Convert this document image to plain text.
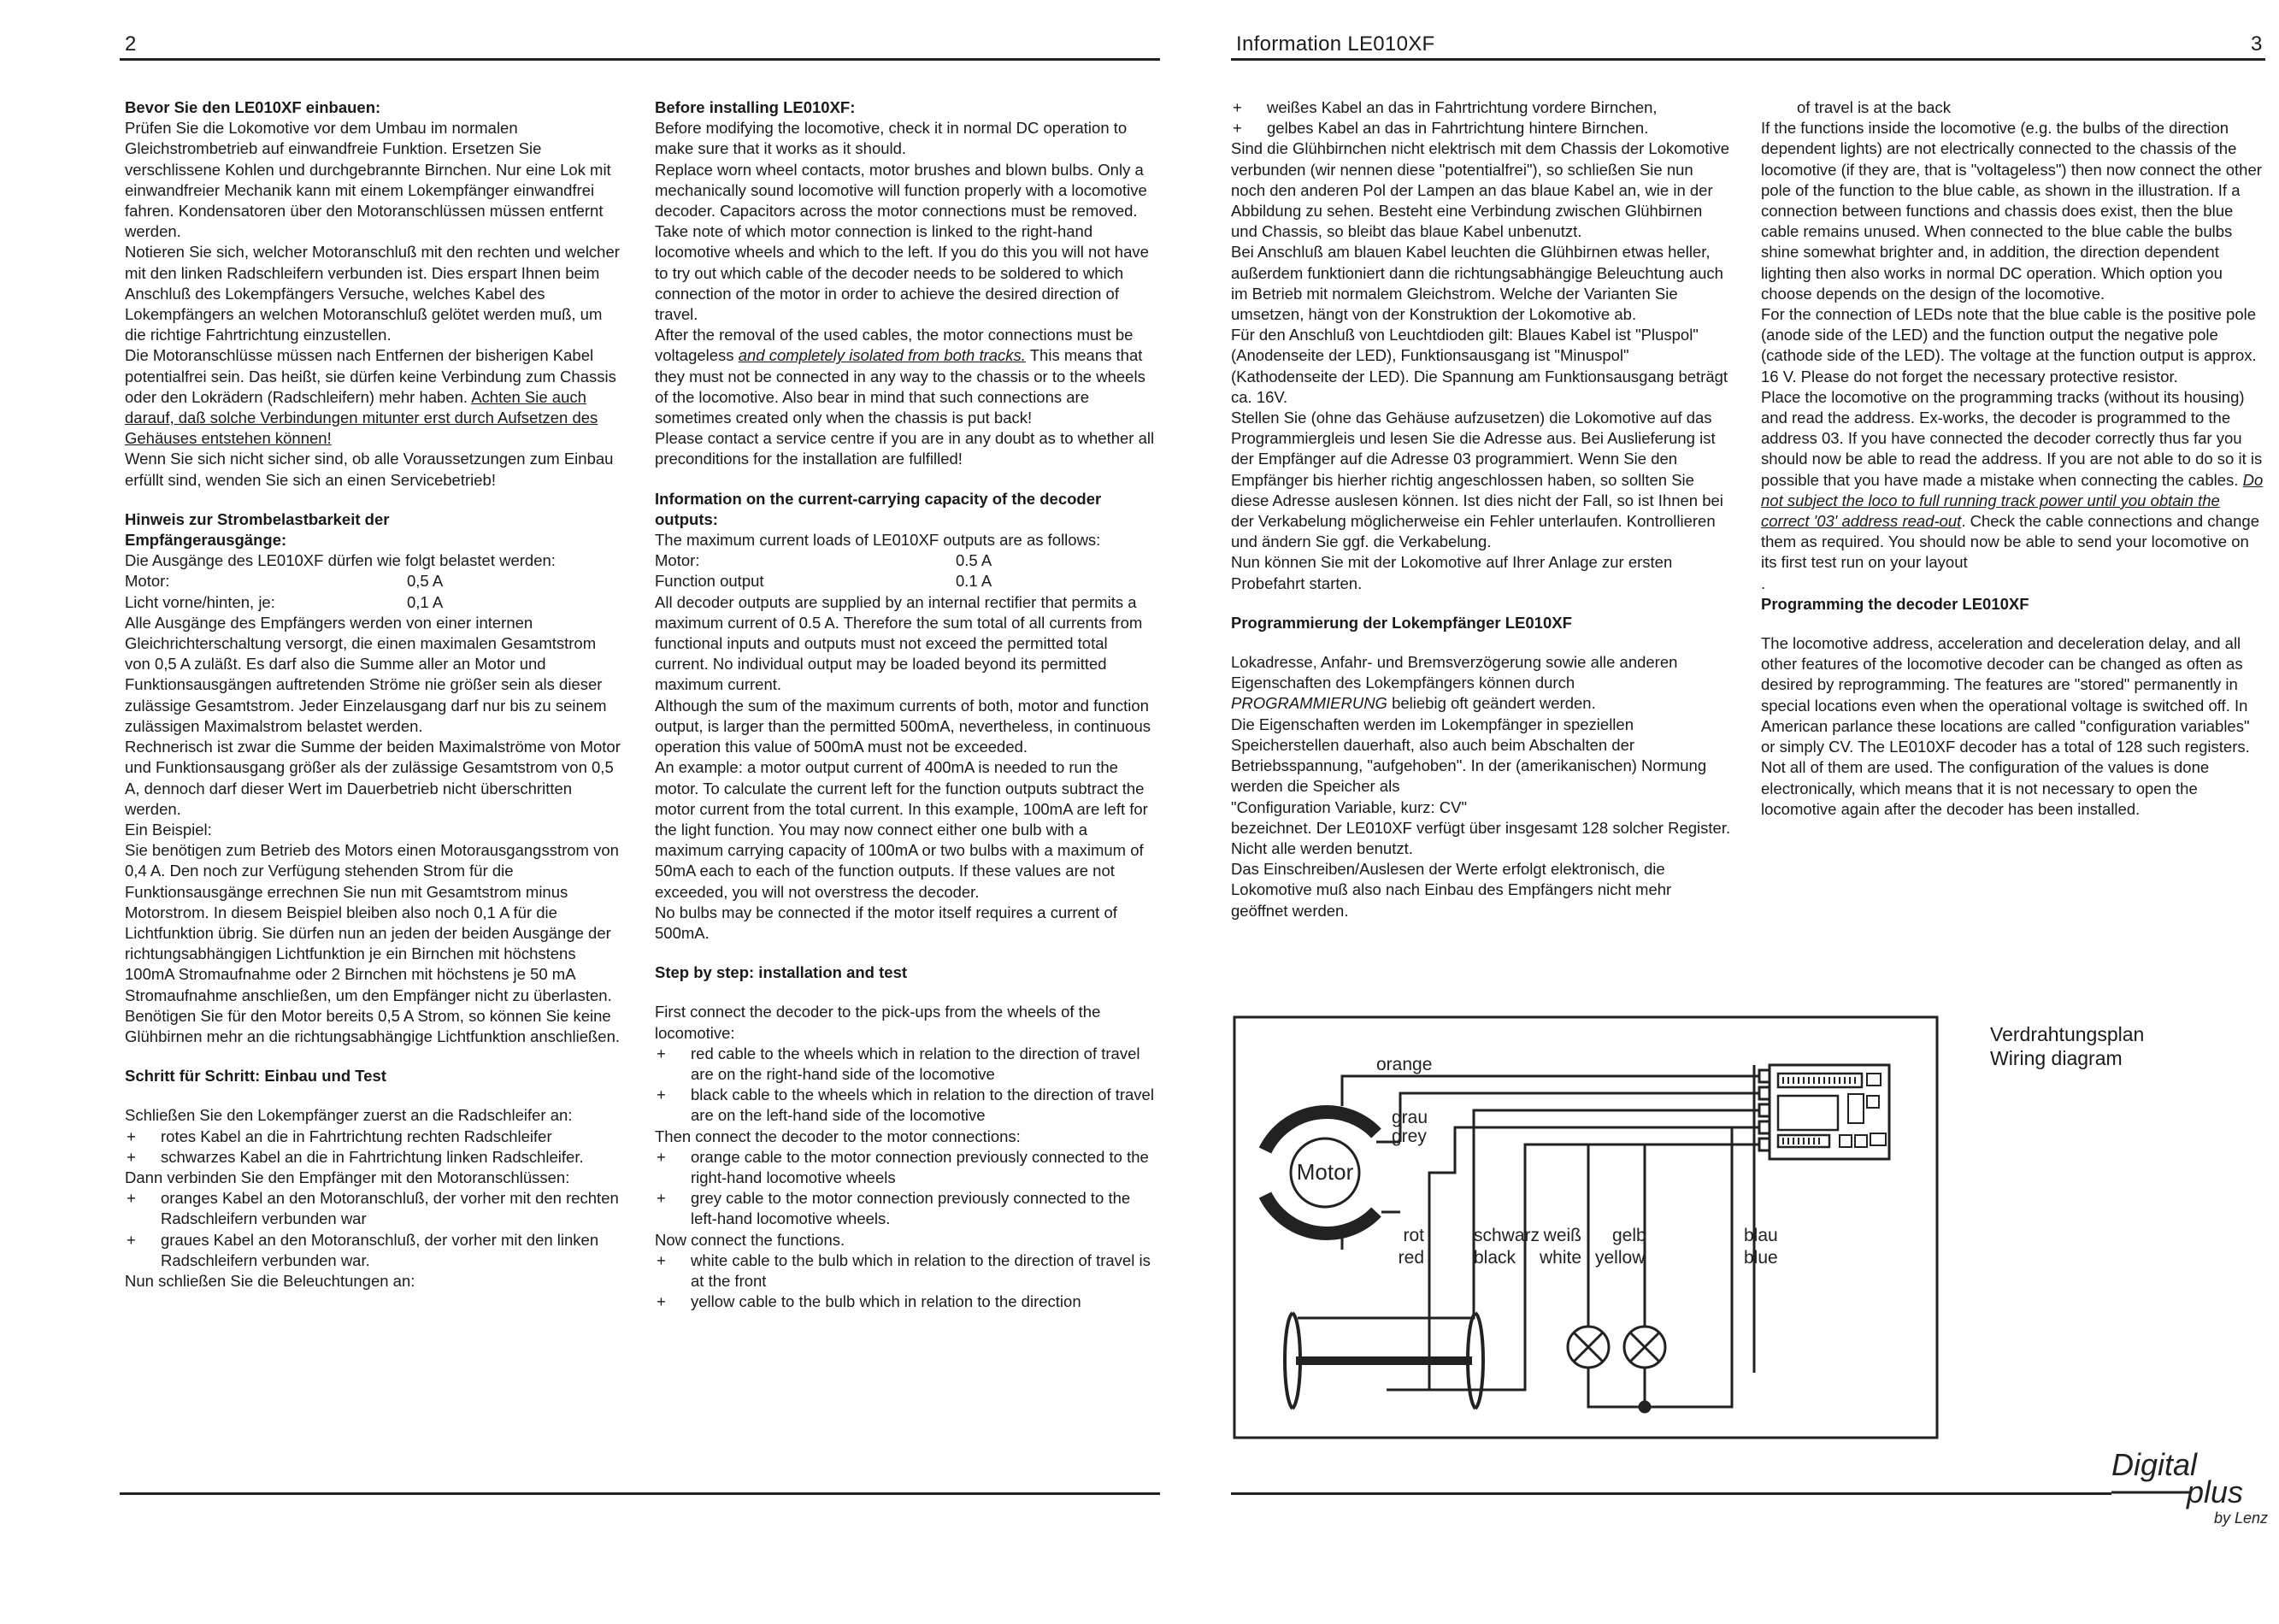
2	Information LE010XF	3
Bevor Sie den LE010XF einbauen:

Prüfen Sie die Lokomotive vor dem Umbau im normalen Gleichstrombetrieb auf einwandfreie Funktion. Ersetzen Sie verschlissene Kohlen und durchgebrannte Birnchen. Nur eine Lok mit einwandfreier Mechanik kann mit einem Lokempfänger einwandfrei fahren. Kondensatoren über den Motoranschlüssen müssen entfernt werden.

Notieren Sie sich, welcher Motoranschluß mit den rechten und welcher mit den linken Radschleifern verbunden ist. Dies erspart Ihnen beim Anschluß des Lokempfängers Versuche, welches Kabel des Lokempfängers an welchen Motoranschluß gelötet werden muß, um die richtige Fahrtrichtung einzustellen.

Die Motoranschlüsse müssen nach Entfernen der bisherigen Kabel potentialfrei sein. Das heißt, sie dürfen keine Verbindung zum Chassis oder den Lokrädern (Radschleifern) mehr haben. Achten Sie auch darauf, daß solche Verbindungen mitunter erst durch Aufsetzen des Gehäuses entstehen können!

Wenn Sie sich nicht sicher sind, ob alle Voraussetzungen zum Einbau erfüllt sind, wenden Sie sich an einen Servicebetrieb!

Hinweis zur Strombelastbarkeit der
Empfängerausgänge:

Die Ausgänge des LE010XF dürfen wie folgt belastet werden:

Motor:	0,5 A
Licht vorne/hinten, je:	0,1 A

Alle Ausgänge des Empfängers werden von einer internen Gleichrichterschaltung versorgt, die einen maximalen Gesamtstrom von 0,5 A zuläßt. Es darf also die Summe aller an Motor und Funktionsausgängen auftretenden Ströme nie größer sein als dieser zulässige Gesamtstrom. Jeder Einzelausgang darf nur bis zu seinem zulässigen Maximalstrom belastet werden.

Rechnerisch ist zwar die Summe der beiden Maximalströme von Motor und Funktionsausgang größer als der zulässige Gesamtstrom von 0,5 A, dennoch darf dieser Wert im Dauerbetrieb nicht überschritten werden.

Ein Beispiel:

Sie benötigen zum Betrieb des Motors einen Motorausgangsstrom von 0,4 A. Den noch zur Verfügung stehenden Strom für die Funktionsausgänge errechnen Sie nun mit Gesamtstrom minus Motorstrom. In diesem Beispiel bleiben also noch 0,1 A für die Lichtfunktion übrig. Sie dürfen nun an jeden der beiden Ausgänge der richtungsabhängigen Lichtfunktion je ein Birnchen mit höchstens 100mA Stromaufnahme oder 2 Birnchen mit höchstens je 50 mA Stromaufnahme anschließen, um den Empfänger nicht zu überlasten.

Benötigen Sie für den Motor bereits 0,5 A Strom, so können Sie keine Glühbirnen mehr an die richtungsabhängige Lichtfunktion anschließen.

Schritt für Schritt: Einbau und Test

Schließen Sie den Lokempfänger zuerst an die Radschleifer an:

+ rotes Kabel an die in Fahrtrichtung rechten Radschleifer

+ schwarzes Kabel an die in Fahrtrichtung linken Radschleifer.

Dann verbinden Sie den Empfänger mit den Motoranschlüssen:

+ oranges Kabel an den Motoranschluß, der vorher mit den rechten Radschleifern verbunden war

+ graues Kabel an den Motoranschluß, der vorher mit den linken Radschleifern verbunden war.

Nun schließen Sie die Beleuchtungen an:

Before installing LE010XF:

Before modifying the locomotive, check it in normal DC operation to make sure that it works as it should.

Replace worn wheel contacts, motor brushes and blown bulbs. Only a mechanically sound locomotive will function properly with a locomotive decoder. Capacitors across the motor connections must be removed.

Take note of which motor connection is linked to the right-hand locomotive wheels and which to the left. If you do this you will not have to try out which cable of the decoder needs to be soldered to which connection of the motor in order to achieve the desired direction of travel.

After the removal of the used cables, the motor connections must be voltageless and completely isolated from both tracks. This means that they must not be connected in any way to the chassis or to the wheels of the locomotive. Also bear in mind that such connections are sometimes created only when the chassis is put back!

Please contact a service centre if you are in any doubt as to whether all preconditions for the installation are fulfilled!

Information on the current-carrying capacity of the decoder outputs:

The maximum current loads of LE010XF outputs are as follows:

Motor:	0.5 A
Function output	0.1 A

All decoder outputs are supplied by an internal rectifier that permits a maximum current of 0.5 A. Therefore the sum total of all currents from functional inputs and outputs must not exceed the permitted total current. No individual output may be loaded beyond its permitted maximum current.

Although the sum of the maximum currents of both, motor and function output, is larger than the permitted 500mA, nevertheless, in continuous operation this value of 500mA must not be exceeded.

An example: a motor output current of 400mA is needed to run the motor. To calculate the current left for the function outputs subtract the motor current from the total current. In this example, 100mA are left for the light function. You may now connect either one bulb with a maximum carrying capacity of 100mA or two bulbs with a maximum of 50mA each to each of the function outputs. If these values are not exceeded, you will not overstress the decoder.

No bulbs may be connected if the motor itself requires a current of 500mA.

Step by step: installation and test

First connect the decoder to the pick-ups from the wheels of the locomotive:

+ red cable to the wheels which in relation to the direction of travel are on the right-hand side of the locomotive

+ black cable to the wheels which in relation to the direction of travel are on the left-hand side of the locomotive

Then connect the decoder to the motor connections:

+ orange cable to the motor connection previously connected to the right-hand locomotive wheels

+ grey cable to the motor connection previously connected to the left-hand locomotive wheels.

Now connect the functions.

+ white cable to the bulb which in relation to the direction of travel is at the front

+ yellow cable to the bulb which in relation to the direction

+ weißes Kabel an das in Fahrtrichtung vordere Birnchen,

+ gelbes Kabel an das in Fahrtrichtung hintere Birnchen.

Sind die Glühbirnchen nicht elektrisch mit dem Chassis der Lokomotive verbunden (wir nennen diese "potentialfrei"), so schließen Sie nun noch den anderen Pol der Lampen an das blaue Kabel an, wie in der Abbildung zu sehen. Besteht eine Verbindung zwischen Glühbirnen und Chassis, so bleibt das blaue Kabel unbenutzt.

Bei Anschluß am blauen Kabel leuchten die Glühbirnen etwas heller, außerdem funktioniert dann die richtungsabhängige Beleuchtung auch im Betrieb mit normalem Gleichstrom. Welche der Varianten Sie umsetzen, hängt von der Konstruktion der Lokomotive ab.

Für den Anschluß von Leuchtdioden gilt: Blaues Kabel ist "Pluspol" (Anodenseite der LED), Funktionsausgang ist "Minuspol" (Kathodenseite der LED). Die Spannung am Funktionsausgang beträgt ca. 16V.

Stellen Sie (ohne das Gehäuse aufzusetzen) die Lokomotive auf das Programmiergleis und lesen Sie die Adresse aus. Bei Auslieferung ist der Empfänger auf die Adresse 03 programmiert. Wenn Sie den Empfänger bis hierher richtig angeschlossen haben, so sollten Sie diese Adresse auslesen können. Ist dies nicht der Fall, so ist Ihnen bei der Verkabelung möglicherweise ein Fehler unterlaufen. Kontrollieren und ändern Sie ggf. die Verkabelung.

Nun können Sie mit der Lokomotive auf Ihrer Anlage zur ersten Probefahrt starten.

Programmierung der Lokempfänger LE010XF

Lokadresse, Anfahr- und Bremsverzögerung sowie alle anderen Eigenschaften des Lokempfängers können durch PROGRAMMIERUNG beliebig oft geändert werden.

Die Eigenschaften werden im Lokempfänger in speziellen Speicherstellen dauerhaft, also auch beim Abschalten der Betriebsspannung, "aufgehoben". In der (amerikanischen) Normung werden die Speicher als

"Configuration Variable, kurz: CV"

bezeichnet. Der LE010XF verfügt über insgesamt 128 solcher Register. Nicht alle werden benutzt.

Das Einschreiben/Auslesen der Werte erfolgt elektronisch, die Lokomotive muß also nach Einbau des Empfängers nicht mehr geöffnet werden.

of travel is at the back

If the functions inside the locomotive (e.g. the bulbs of the direction dependent lights) are not electrically connected to the chassis of the locomotive (if they are, that is "voltageless") then now connect the other pole of the function to the blue cable, as shown in the illustration. If a connection between functions and chassis does exist, then the blue cable remains unused. When connected to the blue cable the bulbs shine somewhat brighter and, in addition, the direction dependent lighting then also works in normal DC operation. Which option you choose depends on the design of the locomotive.

For the connection of LEDs note that the blue cable is the positive pole (anode side of the LED) and the function output the negative pole (cathode side of the LED). The voltage at the function output is approx. 16 V. Please do not forget the necessary protective resistor.

Place the locomotive on the programming tracks (without its housing) and read the address. Ex-works, the decoder is programmed to the address 03. If you have connected the decoder correctly thus far you should now be able to read the address. If you are not able to do so it is possible that you have made a mistake when connecting the cables. Do not subject the loco to full running track power until you obtain the correct '03' address read-out. Check the cable connections and change them as required. You should now be able to send your locomotive on its first test run on your layout

.

Programming the decoder LE010XF

The locomotive address, acceleration and deceleration delay, and all other features of the locomotive decoder can be changed as often as desired by reprogramming. The features are "stored" permanently in special locations even when the operational voltage is switched off. In American parlance these locations are called "configuration variables" or simply CV. The LE010XF decoder has a total of 128 such registers. Not all of them are used. The configuration of the values is done electronically, which means that it is not necessary to open the locomotive again after the decoder has been installed.

Verdrahtungsplan
Wiring diagram
orange
grau
grey
rot
red
schwarz
black
weiß
white
gelb
yellow
blau
blue
Motor
Digital
plus
by Lenz
